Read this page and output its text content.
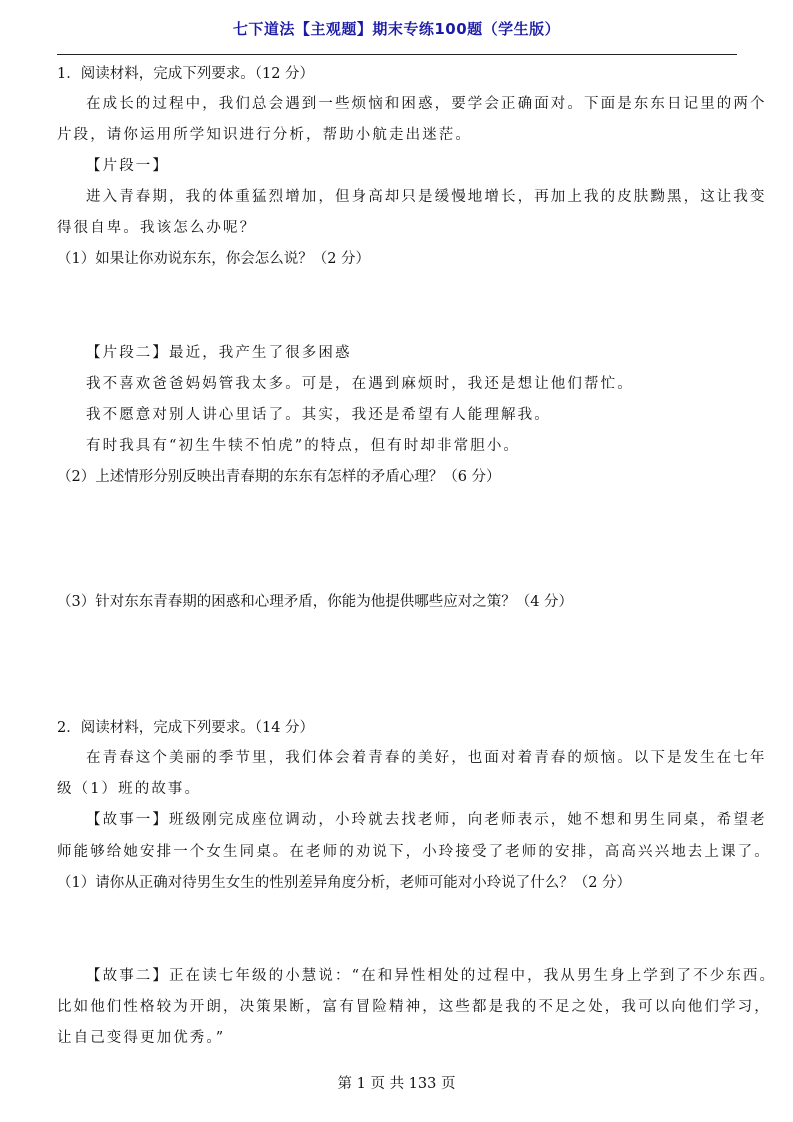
七下道法【主观题】期末专练100题（学生版）
1．阅读材料，完成下列要求。（12 分）
在成长的过程中，我们总会遇到一些烦恼和困惑，要学会正确面对。下面是东东日记里的两个
片段，请你运用所学知识进行分析，帮助小航走出迷茫。
【片段一】
进入青春期，我的体重猛烈增加，但身高却只是缓慢地增长，再加上我的皮肤黝黑，这让我变
得很自卑。我该怎么办呢？
（1）如果让你劝说东东，你会怎么说？（2 分）
【片段二】最近，我产生了很多困惑
我不喜欢爸爸妈妈管我太多。可是，在遇到麻烦时，我还是想让他们帮忙。
我不愿意对别人讲心里话了。其实，我还是希望有人能理解我。
有时我具有“初生牛犊不怕虎”的特点，但有时却非常胆小。
（2）上述情形分别反映出青春期的东东有怎样的矛盾心理？（6 分）
（3）针对东东青春期的困惑和心理矛盾，你能为他提供哪些应对之策？（4 分）
2．阅读材料，完成下列要求。（14 分）
在青春这个美丽的季节里，我们体会着青春的美好，也面对着青春的烦恼。以下是发生在七年
级（1）班的故事。
【故事一】班级刚完成座位调动，小玲就去找老师，向老师表示，她不想和男生同桌，希望老
师能够给她安排一个女生同桌。在老师的劝说下，小玲接受了老师的安排，高高兴兴地去上课了。
（1）请你从正确对待男生女生的性别差异角度分析，老师可能对小玲说了什么？（2 分）
【故事二】正在读七年级的小慧说：“在和异性相处的过程中，我从男生身上学到了不少东西。
比如他们性格较为开朗，决策果断，富有冒险精神，这些都是我的不足之处，我可以向他们学习，
让自己变得更加优秀。”
第 1 页 共 133 页
